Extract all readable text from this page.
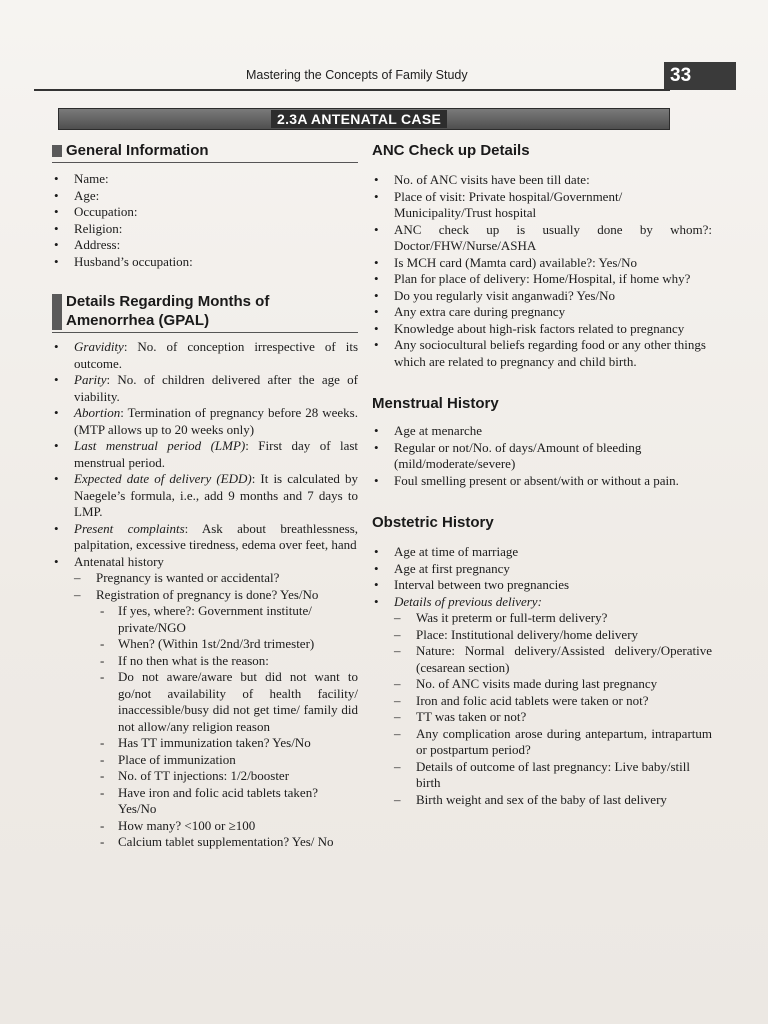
Mastering the Concepts of Family Study	33
2.3A ANTENATAL CASE
General Information
• Name:
• Age:
• Occupation:
• Religion:
• Address:
• Husband’s occupation:
Details Regarding Months of
Amenorrhea (GPAL)
• Gravidity: No. of conception irrespective of its outcome.
• Parity: No. of children delivered after the age of viability.
• Abortion: Termination of pregnancy before 28 weeks. (MTP allows up to 20 weeks only)
• Last menstrual period (LMP): First day of last menstrual period.
• Expected date of delivery (EDD): It is calculated by Naegele’s formula, i.e., add 9 months and 7 days to LMP.
• Present complaints: Ask about breathlessness, palpitation, excessive tiredness, edema over feet, hand
• Antenatal history
– Pregnancy is wanted or accidental?
– Registration of pregnancy is done? Yes/No
- If yes, where?: Government institute/ private/NGO
- When? (Within 1st/2nd/3rd trimester)
- If no then what is the reason:
- Do not aware/aware but did not want to go/not availability of health facility/ inaccessible/busy did not get time/ family did not allow/any religion reason
- Has TT immunization taken? Yes/No
- Place of immunization
- No. of TT injections: 1/2/booster
- Have iron and folic acid tablets taken? Yes/No
- How many? <100 or ≥100
- Calcium tablet supplementation? Yes/ No
ANC Check up Details
• No. of ANC visits have been till date:
• Place of visit: Private hospital/Government/ Municipality/Trust hospital
• ANC check up is usually done by whom?: Doctor/FHW/Nurse/ASHA
• Is MCH card (Mamta card) available?: Yes/No
• Plan for place of delivery: Home/Hospital, if home why?
• Do you regularly visit anganwadi? Yes/No
• Any extra care during pregnancy
• Knowledge about high-risk factors related to pregnancy
• Any sociocultural beliefs regarding food or any other things which are related to pregnancy and child birth.
Menstrual History
• Age at menarche
• Regular or not/No. of days/Amount of bleeding (mild/moderate/severe)
• Foul smelling present or absent/with or without a pain.
Obstetric History
• Age at time of marriage
• Age at first pregnancy
• Interval between two pregnancies
• Details of previous delivery:
– Was it preterm or full-term delivery?
– Place: Institutional delivery/home delivery
– Nature: Normal delivery/Assisted delivery/Operative (cesarean section)
– No. of ANC visits made during last pregnancy
– Iron and folic acid tablets were taken or not?
– TT was taken or not?
– Any complication arose during antepartum, intrapartum or postpartum period?
– Details of outcome of last pregnancy: Live baby/still birth
– Birth weight and sex of the baby of last delivery
